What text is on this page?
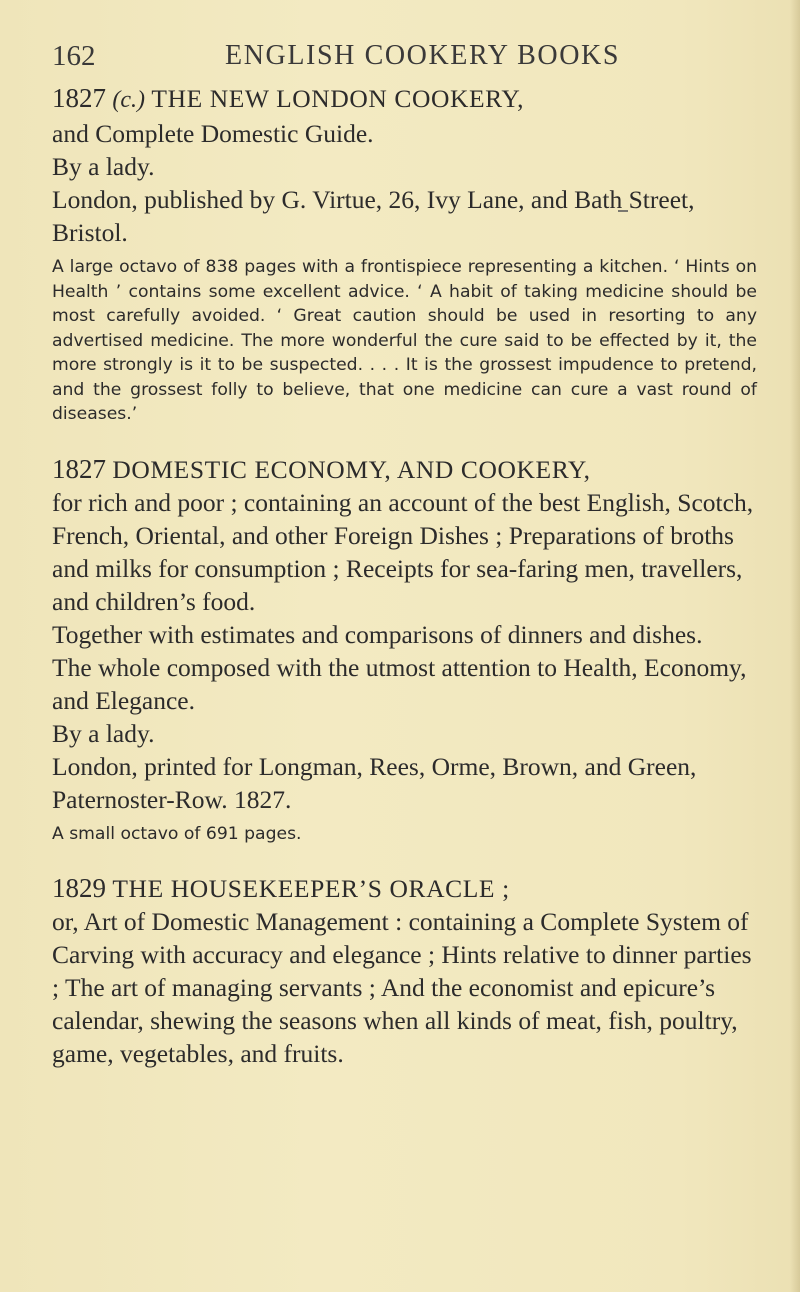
162	ENGLISH COOKERY BOOKS

1827 (c.) THE NEW LONDON COOKERY,

and Complete Domestic Guide.

By a lady.

London, published by G. Virtue, 26, Ivy Lane, and Bath Street, Bristol.

A large octavo of 838 pages with a frontispiece representing a kitchen. ‘ Hints on Health ’ contains some excellent advice. ‘ A habit of taking medicine should be most carefully avoided. ‘ Great caution should be used in resorting to any advertised medicine. The more wonderful the cure said to be effected by it, the more strongly is it to be suspected. . . . It is the grossest impudence to pretend, and the grossest folly to believe, that one medicine can cure a vast round of diseases.’

1827 DOMESTIC ECONOMY, AND COOKERY,

for rich and poor ; containing an account of the best English, Scotch, French, Oriental, and other Foreign Dishes ; Preparations of broths and milks for consumption ; Receipts for sea-faring men, travellers, and children’s food.

Together with estimates and comparisons of dinners and dishes.

The whole composed with the utmost attention to Health, Economy, and Elegance.

By a lady.

London, printed for Longman, Rees, Orme, Brown, and Green, Paternoster-Row. 1827.

A small octavo of 691 pages.

1829 THE HOUSEKEEPER’S ORACLE ;

or, Art of Domestic Management : containing a Complete System of Carving with accuracy and elegance ; Hints relative to dinner parties ; The art of managing servants ; And the economist and epicure’s calendar, shewing the seasons when all kinds of meat, fish, poultry, game, vegetables, and fruits.
